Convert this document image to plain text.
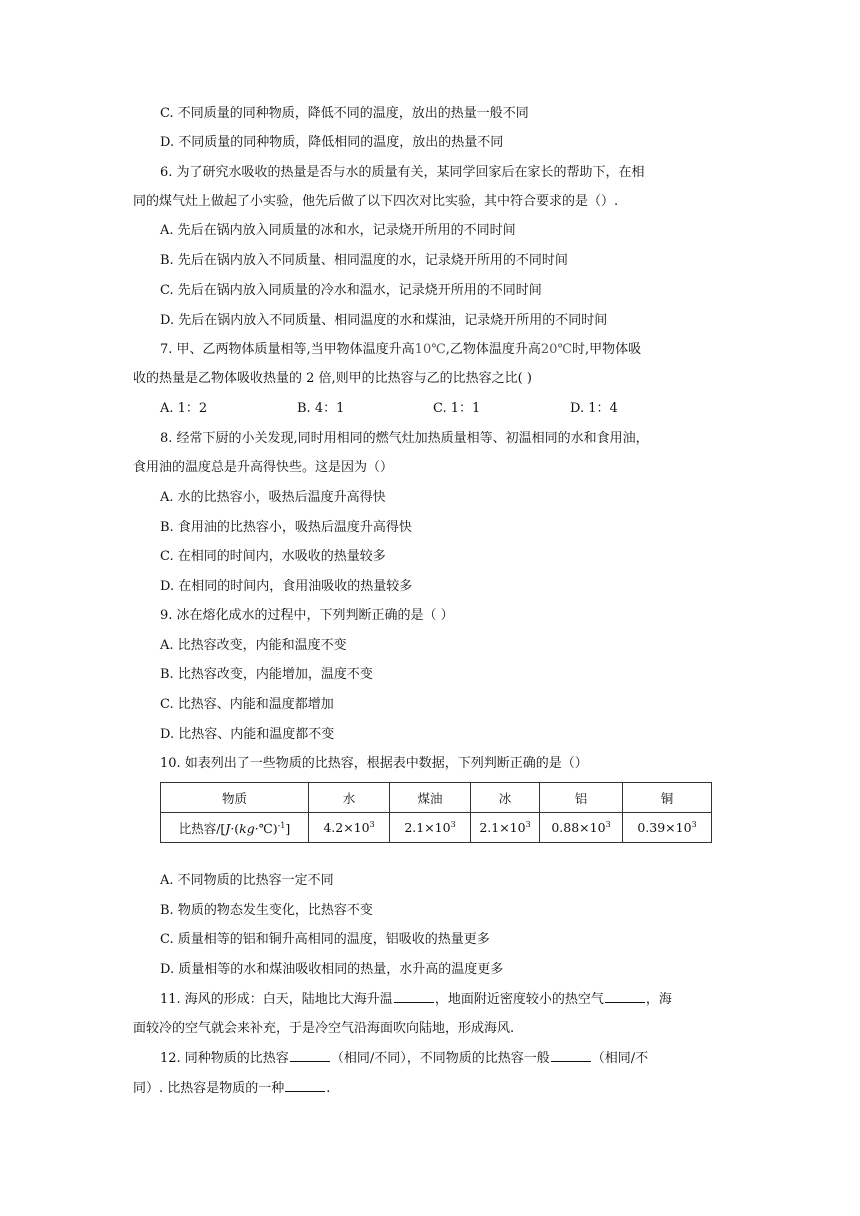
C. 不同质量的同种物质，降低不同的温度，放出的热量一般不同
D. 不同质量的同种物质，降低相同的温度，放出的热量不同
6. 为了研究水吸收的热量是否与水的质量有关，某同学回家后在家长的帮助下，在相
同的煤气灶上做起了小实验，他先后做了以下四次对比实验，其中符合要求的是（）.
A. 先后在锅内放入同质量的冰和水，记录烧开所用的不同时间
B. 先后在锅内放入不同质量、相同温度的水，记录烧开所用的不同时间
C. 先后在锅内放入同质量的冷水和温水，记录烧开所用的不同时间
D. 先后在锅内放入不同质量、相同温度的水和煤油，记录烧开所用的不同时间
7. 甲、乙两物体质量相等,当甲物体温度升高10℃,乙物体温度升高20℃时,甲物体吸
收的热量是乙物体吸收热量的 2 倍,则甲的比热容与乙的比热容之比( )
A. 1：2	B. 4：1	C. 1：1	D. 1：4
8. 经常下厨的小关发现,同时用相同的燃气灶加热质量相等、初温相同的水和食用油，
食用油的温度总是升高得快些。这是因为（）
A. 水的比热容小，吸热后温度升高得快
B. 食用油的比热容小，吸热后温度升高得快
C. 在相同的时间内，水吸收的热量较多
D. 在相同的时间内，食用油吸收的热量较多
9. 冰在熔化成水的过程中，下列判断正确的是（ ）
A. 比热容改变，内能和温度不变
B. 比热容改变，内能增加，温度不变
C. 比热容、内能和温度都增加
D. 比热容、内能和温度都不变
10. 如表列出了一些物质的比热容，根据表中数据，下列判断正确的是（）
物质	水	煤油	冰	铝	铜
比热容/[J·(kg·℃)$^{-1}$]	$4.2\times 10^3$	$2.1\times 10^3$	$2.1\times 10^3$	$0.88\times 10^3$	$0.39\times 10^3$
A. 不同物质的比热容一定不同
B. 物质的物态发生变化，比热容不变
C. 质量相等的铝和铜升高相同的温度，铝吸收的热量更多
D. 质量相等的水和煤油吸收相同的热量，水升高的温度更多
11. 海风的形成：白天，陆地比大海升温	，地面附近密度较小的热空气	，海
面较冷的空气就会来补充，于是冷空气沿海面吹向陆地，形成海风.
12. 同种物质的比热容	（相同/不同），不同物质的比热容一般	（相同/不
同）. 比热容是物质的一种	.
